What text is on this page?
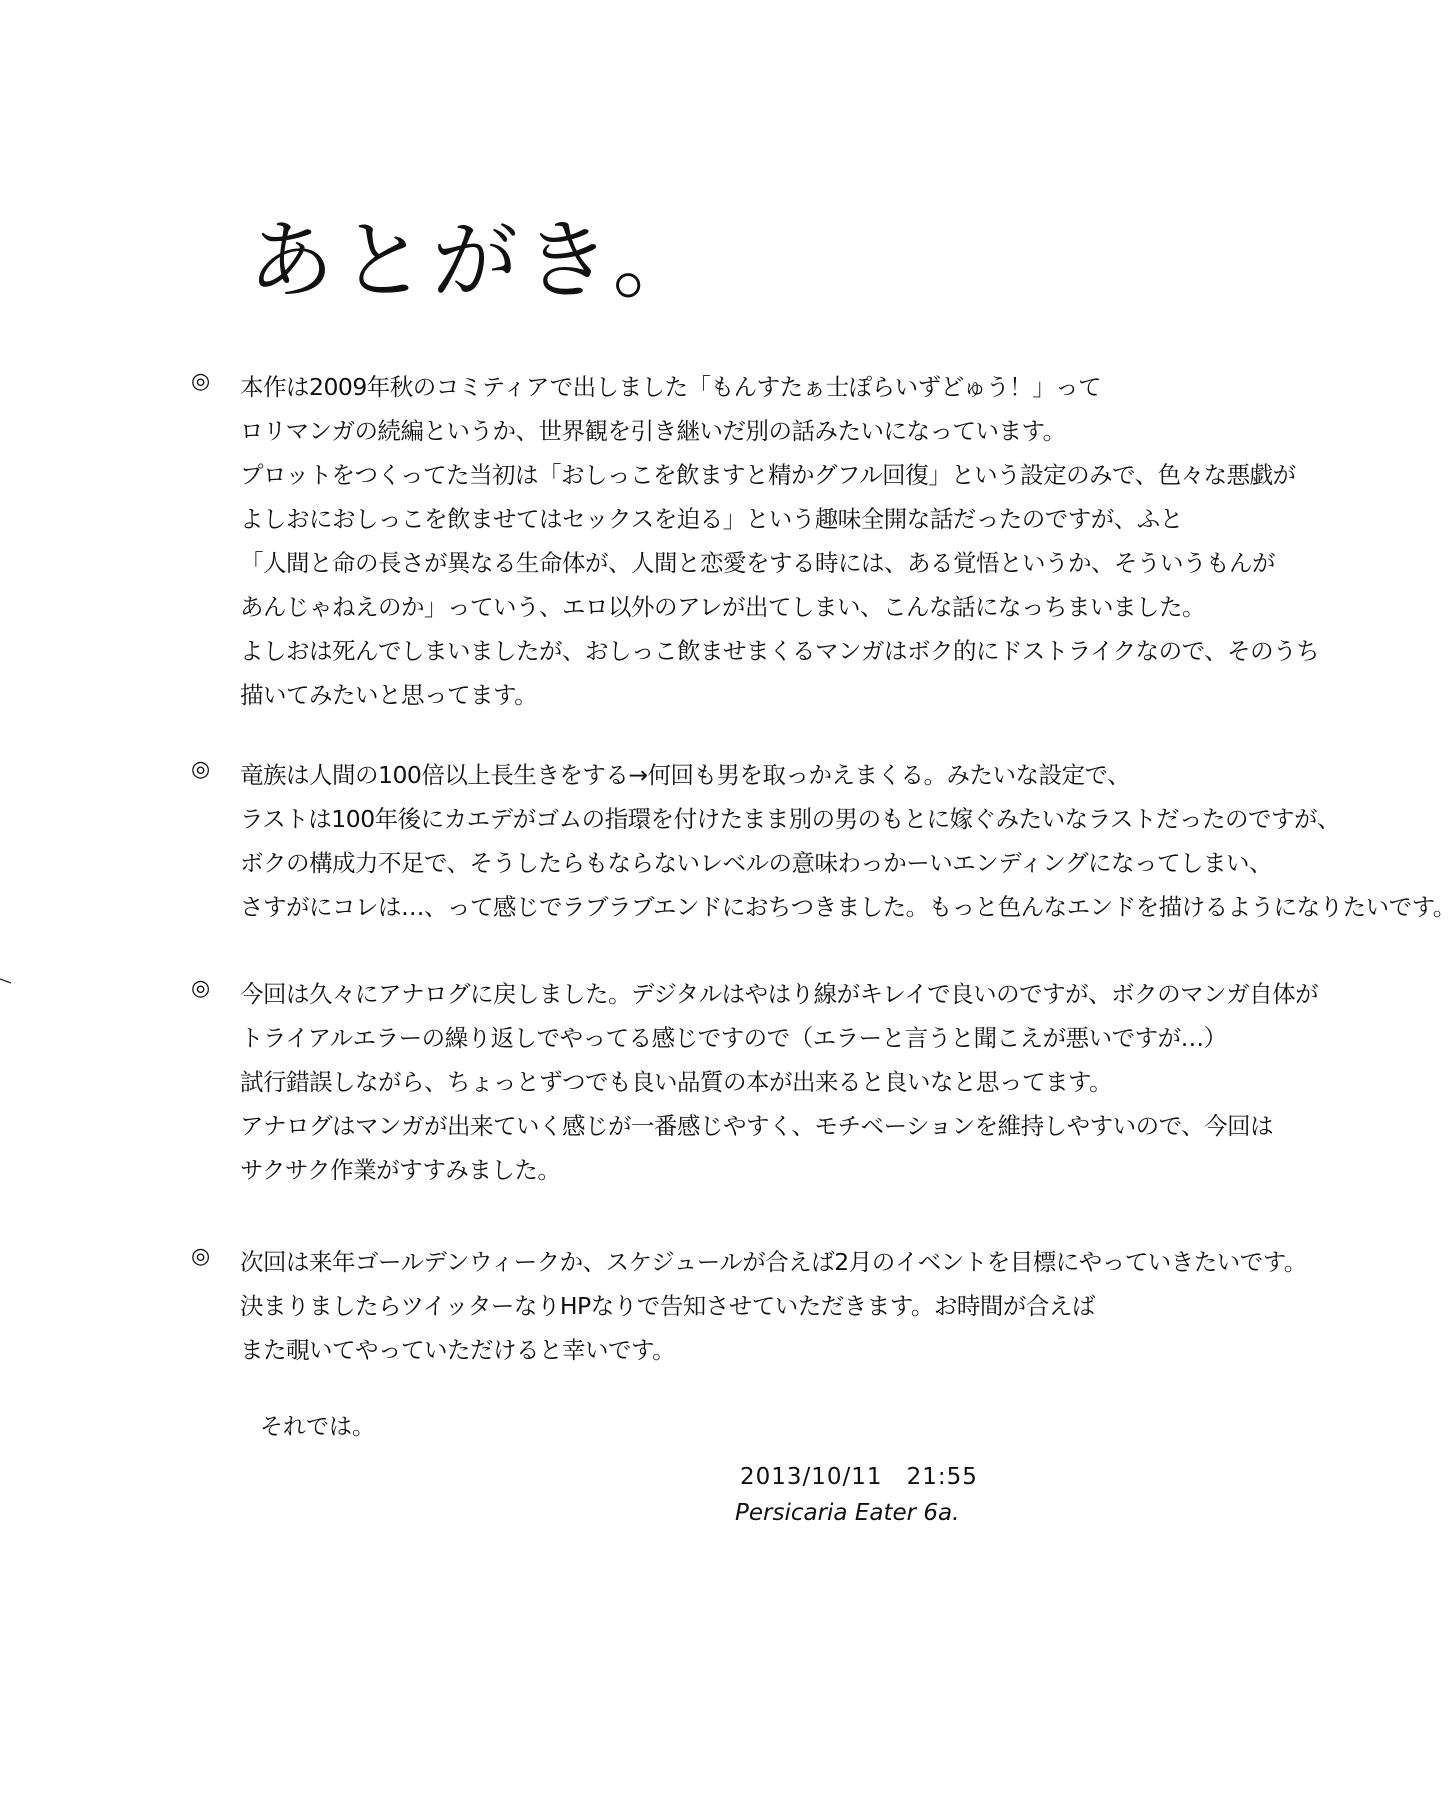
あとがき。
◎ 本作は2009年秋のコミティアで出しました「もんすたぁ士ぽらいずどゅう！」って
ロリマンガの続編というか、世界観を引き継いだ別の話みたいになっています。
プロットをつくってた当初は「おしっこを飲ますと精かグフル回復」という設定のみで、色々な悪戯が
よしおにおしっこを飲ませてはセックスを迫る」という趣味全開な話だったのですが、ふと
「人間と命の長さが異なる生命体が、人間と恋愛をする時には、ある覚悟というか、そういうもんが
あんじゃねえのか」っていう、エロ以外のアレが出てしまい、こんな話になっちまいました。
よしおは死んでしまいましたが、おしっこ飲ませまくるマンガはボク的にドストライクなので、そのうち
描いてみたいと思ってます。
◎ 竜族は人間の100倍以上長生きをする→何回も男を取っかえまくる。みたいな設定で、
ラストは100年後にカエデがゴムの指環を付けたまま別の男のもとに嫁ぐみたいなラストだったのですが、
ボクの構成力不足で、そうしたらもならないレベルの意味わっかーいエンディングになってしまい、
さすがにコレは…、って感じでラブラブエンドにおちつきました。もっと色んなエンドを描けるようになりたいです。
◎ 今回は久々にアナログに戻しました。デジタルはやはり線がキレイで良いのですが、ボクのマンガ自体が
トライアルエラーの繰り返しでやってる感じですので（エラーと言うと聞こえが悪いですが…）
試行錯誤しながら、ちょっとずつでも良い品質の本が出来ると良いなと思ってます。
アナログはマンガが出来ていく感じが一番感じやすく、モチベーションを維持しやすいので、今回は
サクサク作業がすすみました。
◎ 次回は来年ゴールデンウィークか、スケジュールが合えば2月のイベントを目標にやっていきたいです。
決まりましたらツイッターなりHPなりで告知させていただきます。お時間が合えば
また覗いてやっていただけると幸いです。
それでは。
2013/10/11　21:55
Persicaria Eater 6a.
